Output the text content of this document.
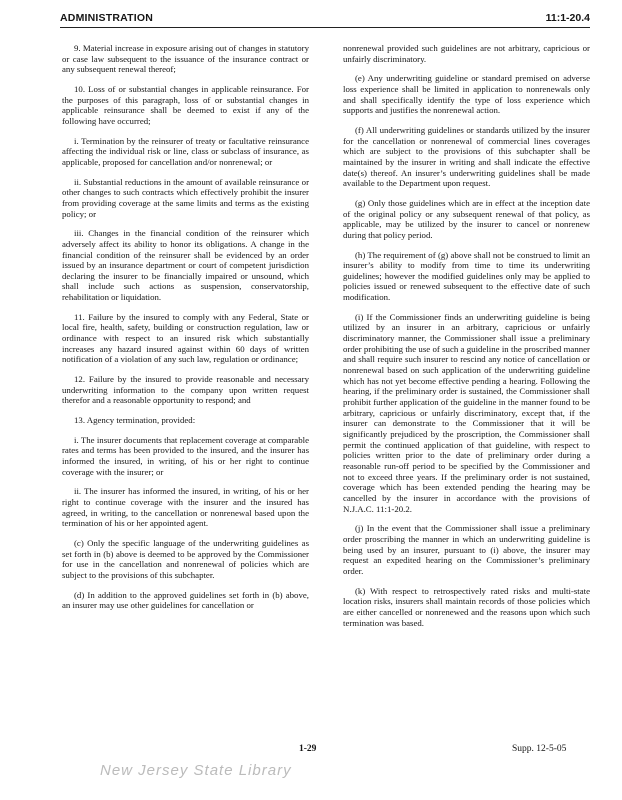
ADMINISTRATION	11:1-20.4

9. Material increase in exposure arising out of changes in statutory or case law subsequent to the issuance of the insurance contract or any subsequent renewal thereof;

10. Loss of or substantial changes in applicable reinsurance. For the purposes of this paragraph, loss of or substantial changes in applicable reinsurance shall be deemed to exist if any of the following have occurred;

i. Termination by the reinsurer of treaty or facultative reinsurance affecting the individual risk or line, class or subclass of insurance, as applicable, proposed for cancellation and/or nonrenewal; or

ii. Substantial reductions in the amount of available reinsurance or other changes to such contracts which effectively prohibit the insurer from providing coverage at the same limits and terms as the existing policy; or

iii. Changes in the financial condition of the reinsurer which adversely affect its ability to honor its obligations. A change in the financial condition of the reinsurer shall be evidenced by an order issued by an insurance department or court of competent jurisdiction declaring the insurer to be financially impaired or unsound, which shall include such actions as suspension, conservatorship, rehabilitation or liquidation.

11. Failure by the insured to comply with any Federal, State or local fire, health, safety, building or construction regulation, law or ordinance with respect to an insured risk which substantially increases any hazard insured against within 60 days of written notification of a violation of any such law, regulation or ordinance;

12. Failure by the insured to provide reasonable and necessary underwriting information to the company upon written request therefor and a reasonable opportunity to respond; and

13. Agency termination, provided:

i. The insurer documents that replacement coverage at comparable rates and terms has been provided to the insured, and the insurer has informed the insured, in writing, of his or her right to continue coverage with the insurer; or

ii. The insurer has informed the insured, in writing, of his or her right to continue coverage with the insurer and the insured has agreed, in writing, to the cancellation or nonrenewal based upon the termination of his or her appointed agent.

(c) Only the specific language of the underwriting guidelines as set forth in (b) above is deemed to be approved by the Commissioner for use in the cancellation and nonrenewal of policies which are subject to the provisions of this subchapter.

(d) In addition to the approved guidelines set forth in (b) above, an insurer may use other guidelines for cancellation or

nonrenewal provided such guidelines are not arbitrary, capricious or unfairly discriminatory.

(e) Any underwriting guideline or standard premised on adverse loss experience shall be limited in application to nonrenewals only and shall specifically identify the type of loss experience which supports and justifies the nonrenewal action.

(f) All underwriting guidelines or standards utilized by the insurer for the cancellation or nonrenewal of commercial lines coverages which are subject to the provisions of this subchapter shall be maintained by the insurer in writing and shall indicate the effective date(s) thereof. An insurer’s underwriting guidelines shall be made available to the Department upon request.

(g) Only those guidelines which are in effect at the inception date of the original policy or any subsequent renewal of that policy, as applicable, may be utilized by the insurer to cancel or nonrenew during that policy period.

(h) The requirement of (g) above shall not be construed to limit an insurer’s ability to modify from time to time its underwriting guidelines; however the modified guidelines only may be applied to policies issued or renewed subsequent to the effective date of such modification.

(i) If the Commissioner finds an underwriting guideline is being utilized by an insurer in an arbitrary, capricious or unfairly discriminatory manner, the Commissioner shall issue a preliminary order prohibiting the use of such a guideline in the proscribed manner and shall require such insurer to rescind any notice of cancellation or nonrenewal based on such application of the underwriting guideline which has not yet become effective pending a hearing. Following the hearing, if the preliminary order is sustained, the Commissioner shall prohibit further application of the guideline in the manner found to be arbitrary, capricious or unfairly discriminatory, except that, if the insurer can demonstrate to the Commissioner that it will be significantly prejudiced by the proscription, the Commissioner shall permit the continued application of that guideline, with respect to policies written prior to the date of preliminary order during a reasonable run-off period to be specified by the Commissioner and not to exceed three years. If the preliminary order is not sustained, coverage which has been extended pending the hearing may be cancelled by the insurer in accordance with the provisions of N.J.A.C. 11:1-20.2.

(j) In the event that the Commissioner shall issue a preliminary order proscribing the manner in which an underwriting guideline is being used by an insurer, pursuant to (i) above, the insurer may request an expedited hearing on the Commissioner’s preliminary order.

(k) With respect to retrospectively rated risks and multi-state location risks, insurers shall maintain records of those policies which are either cancelled or nonrenewed and the reasons upon which such termination was based.

1-29	Supp. 12-5-05
New Jersey State Library
